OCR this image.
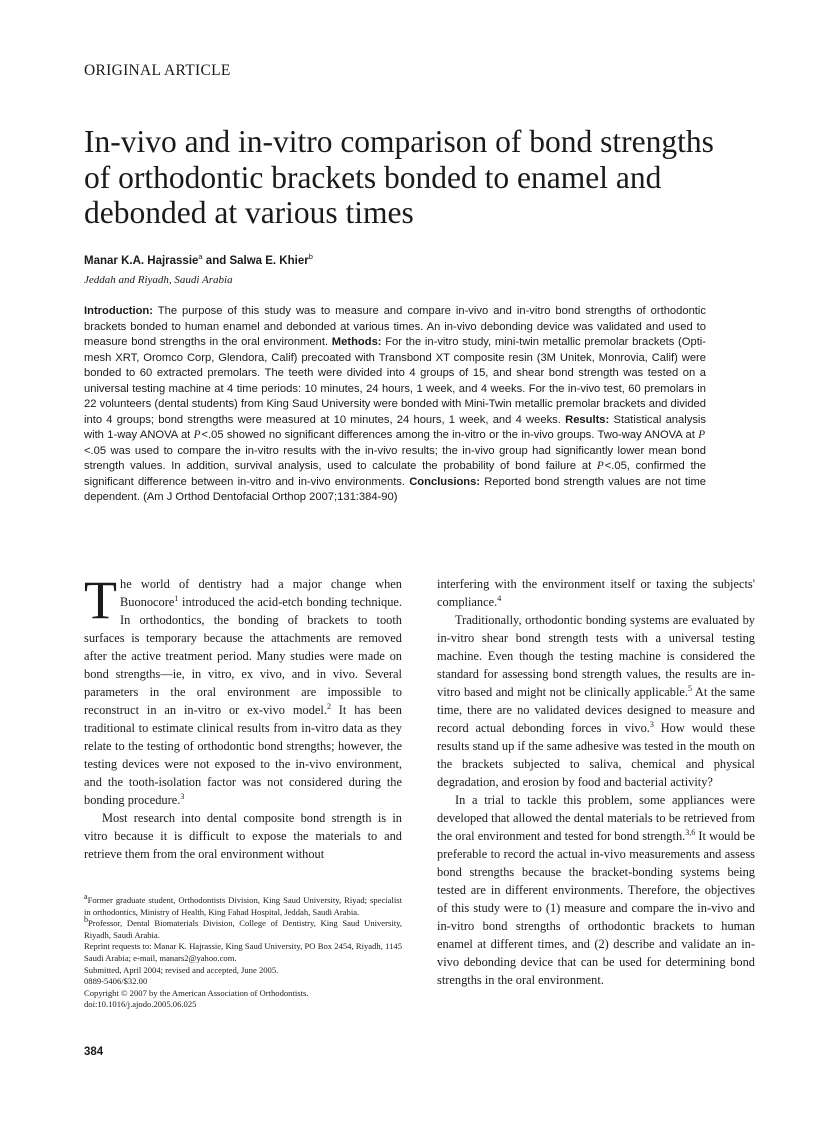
ORIGINAL ARTICLE
In-vivo and in-vitro comparison of bond strengths of orthodontic brackets bonded to enamel and debonded at various times
Manar K.A. Hajrassie$^a$ and Salwa E. Khier$^b$
Jeddah and Riyadh, Saudi Arabia

Introduction: The purpose of this study was to measure and compare in-vivo and in-vitro bond strengths of orthodontic brackets bonded to human enamel and debonded at various times. An in-vivo debonding device was validated and used to measure bond strengths in the oral environment. Methods: For the in-vitro study, mini-twin metallic premolar brackets (Opti-mesh XRT, Oromco Corp, Glendora, Calif) precoated with Transbond XT composite resin (3M Unitek, Monrovia, Calif) were bonded to 60 extracted premolars. The teeth were divided into 4 groups of 15, and shear bond strength was tested on a universal testing machine at 4 time periods: 10 minutes, 24 hours, 1 week, and 4 weeks. For the in-vivo test, 60 premolars in 22 volunteers (dental students) from King Saud University were bonded with Mini-Twin metallic premolar brackets and divided into 4 groups; bond strengths were measured at 10 minutes, 24 hours, 1 week, and 4 weeks. Results: Statistical analysis with 1-way ANOVA at P <.05 showed no significant differences among the in-vitro or the in-vivo groups. Two-way ANOVA at P <.05 was used to compare the in-vitro results with the in-vivo results; the in-vivo group had significantly lower mean bond strength values. In addition, survival analysis, used to calculate the probability of bond failure at P <.05, confirmed the significant difference between in-vitro and in-vivo environments. Conclusions: Reported bond strength values are not time dependent. (Am J Orthod Dentofacial Orthop 2007;131:384-90)

The world of dentistry had a major change when Buonocore$^1$ introduced the acid-etch bonding technique. In orthodontics, the bonding of brackets to tooth surfaces is temporary because the attachments are removed after the active treatment period. Many studies were made on bond strengths—ie, in vitro, ex vivo, and in vivo. Several parameters in the oral environment are impossible to reconstruct in an in-vitro or ex-vivo model.$^2$ It has been traditional to estimate clinical results from in-vitro data as they relate to the testing of orthodontic bond strengths; however, the testing devices were not exposed to the in-vivo environment, and the tooth-isolation factor was not considered during the bonding procedure.$^3$

Most research into dental composite bond strength is in vitro because it is difficult to expose the materials to and retrieve them from the oral environment without

interfering with the environment itself or taxing the subjects' compliance.$^4$

Traditionally, orthodontic bonding systems are evaluated by in-vitro shear bond strength tests with a universal testing machine. Even though the testing machine is considered the standard for assessing bond strength values, the results are in-vitro based and might not be clinically applicable.$^5$ At the same time, there are no validated devices designed to measure and record actual debonding forces in vivo.$^3$ How would these results stand up if the same adhesive was tested in the mouth on the brackets subjected to saliva, chemical and physical degradation, and erosion by food and bacterial activity?

In a trial to tackle this problem, some appliances were developed that allowed the dental materials to be retrieved from the oral environment and tested for bond strength.$^{3,6}$ It would be preferable to record the actual in-vivo measurements and assess bond strengths because the bracket-bonding systems being tested are in different environments. Therefore, the objectives of this study were to (1) measure and compare the in-vivo and in-vitro bond strengths of orthodontic brackets to human enamel at different times, and (2) describe and validate an in-vivo debonding device that can be used for determining bond strengths in the oral environment.

$^a$Former graduate student, Orthodontists Division, King Saud University, Riyad; specialist in orthodontics, Ministry of Health, King Fahad Hospital, Jeddah, Saudi Arabia.

$^b$Professor, Dental Biomaterials Division, College of Dentistry, King Saud University, Riyadh, Saudi Arabia.

Reprint requests to: Manar K. Hajrassie, King Saud University, PO Box 2454, Riyadh, 1145 Saudi Arabia; e-mail, manars2@yahoo.com.

Submitted, April 2004; revised and accepted, June 2005.

0889-5406/$32.00

Copyright © 2007 by the American Association of Orthodontists.

doi:10.1016/j.ajodo.2005.06.025

384
